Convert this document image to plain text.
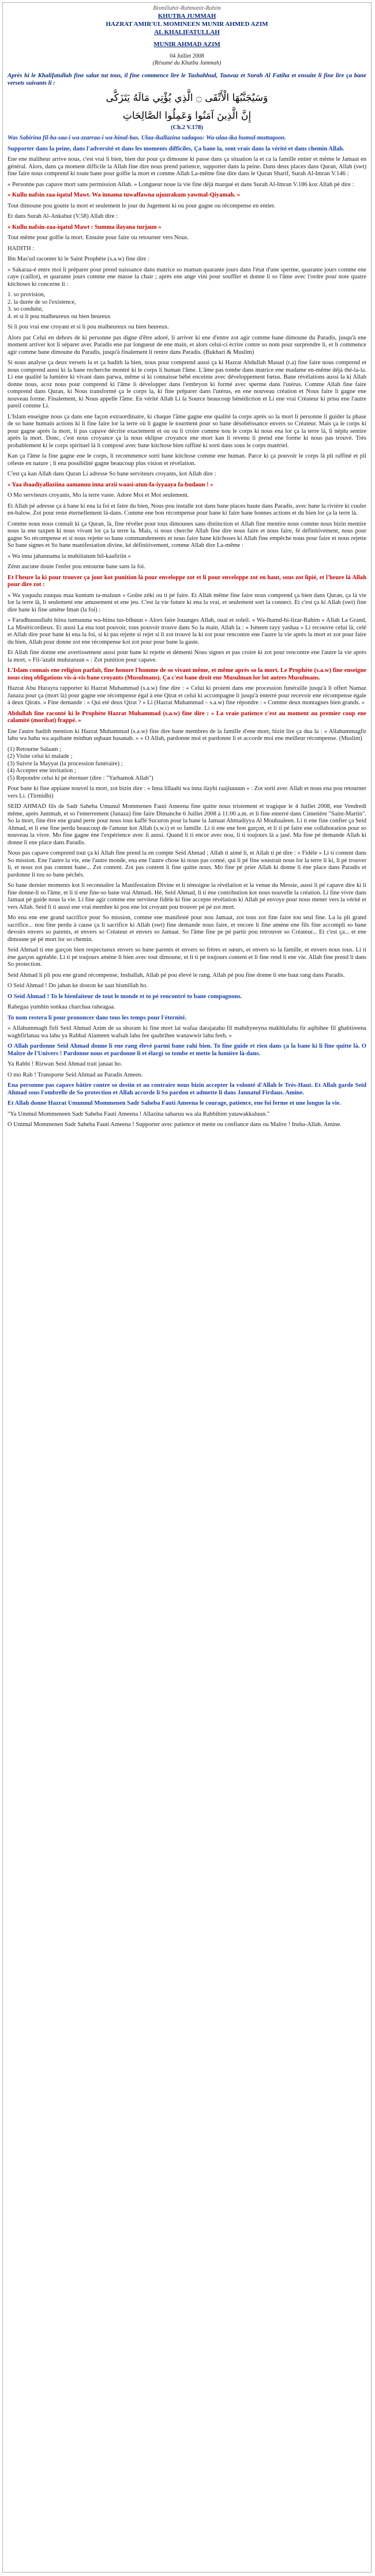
Bismillahir-Rahmanir-Rahim
KHUTBA JUMMAH
HAZRAT AMIR'UL MOMINEEN MUNIR AHMED AZIM
AL KHALIFATULLAH
MUNIR AHMAD AZIM
04 Juillet 2008
(Résumé du Khutba Jummah)

Après hi le Khalifatullah fine salue tut tous, il fine commence lire le Tashahhud, Taawaz et Surah Al Fatiha et ensuite li fine lire ça bane versets suivants li :

وَسَيُجَنَّبُهَا الْأَتْقَى ۝ الَّذِي يُؤْتِي مَالَهُ يَتَزَكَّى
إِنَّ الَّذِينَ آمَنُوا وَعَمِلُوا الصَّالِحَاتِ
(Ch.2 V.178)

Was Sabirina fil-ba-saa-i wa-zzarraa-i wa-hinal-bas. Ulaa-ikallazina sadaqoo: Wa-ulaa-ika humul-muttaqoon.

Supporter dans la peine, dans l'adversité et dans les moments difficiles, Ça bane la, sont vrais dans la vérité et dans chemin Allah.

Ene ene maliheur arrive nous, c'est vrai li bien, bien dur pour ça dimoune ki passe dans ça situation la et ca la famille entier et même le Jamaat en général. Alors, dans ça moment difficile la Allah fine dire nous prend patience, supporter dans la peine. Dans deux places dans Quran, Allah (swt) fine faire nous comprend ki toute bane pour golfie la mort et comme Allah La-même fine dire dans le Quran Sharif, Surah Al-Imran V.146 :

« Personne pas capave mort sans permission Allah. » Longueur noue la vie fine déjà marqué et dans Surah Al-Imran V.186 koz Allah pé dire :

« Kullu nafsin zaa-iqatul Mawt. Wa innama tuwaffawna ujuurakum yawmal-Qiyamah. »

Tout dimoune pou goutte la mort et seulement le jour du Jugement ki ou pour gagne ou récompense en entier.

Et dans Surah Al-Ankabut (V.58) Allah dire :

« Kullu nafsin-zaa-iqatul Mawt : Summa ilayana turjaun »

Tout même pour golfie la mort. Ensuite pour faire ou retourner vers Nous.

HADITH :

Ibn Mas'ud raconter ki le Saint Prophète (s.a.w) fine dire :

« Sakaraa-é entre moi li préparer pour prend naissance dans matrice so maman quarante jours dans l'état d'une sperme, quarante jours comme ene caye (caillot), et quarante jours comme ene masse la chair ; après ene ange vini pour souffler et donne li so l'âme avec l'ordre pour note quatre kitchoses ki concerne li :

1. so provision,
2. la durée de so l'existence,
3. so conduite,
4. et si li pou malheureux ou bien heureux

Si li pou vrai ene croyant et si li pou malheureux ou bien heureux.

Alors par Celui en dehors de ki personne pas digne d'être adoré, li arriver ki ene d'entre zot agir comme bane dimoune du Paradis, jusqu'à ene moment arriver kot li séparer avec Paradis ene par longueur de ene main, et alors celui-ci écrire contre so nom pour surprendre li, et li commence agir comme bane dimoune du Paradis, jusqu'à finalement li rentre dans Paradis. (Bukhari & Muslim)

Si nous analyse ça deux versets la et ça hadith la bien, nous pour comprend aussi ça ki Hazrat Abdullah Masud (r.a) fine faire nous comprend et nous comprend aussi ki la bane recherche montré ki le corps li human l'âme. L'âme pas tombe dans matrice ene madame en-même déjà thé-la-la. Li ene qualité la lumière ki vivant dans parwa, même si ki connaisse bébé enceinte avec développement fœtus. Bane révélations aussi la ki Allah donne nous, acoz nous pour comprend ki l'âme li développer dans l'embryon ki formé avec sperme dans l'utérus. Comme Allah fine faire comprend dans Quran, ki Nous transformé ça le corps la, ki fine préparer dans l'utérus, en ene nouveau création et Nous faire li gagne ene nouveau forme. Finalement, ki Nous appelle l'âme. En vérité Allah Li la Source beaucoup bénédiction et Li ene vrai Créateur ki prisu ene l'autre pareil comme Li.

L'Islam enseigne nous ça dans ene façon extraordinaire, ki chaque l'âme gagne ene qualité la corps après so la mort li personne li guider la phase de so bane humain actions ki li fine faire lor la terre où li gagne le tourment pour so bane désobéissance envers so Créateur. Mais ça le corps ki pour gagne après la mort, li pas capave décrire exactement et ou ou li croire comme nou le corps ki nous ena lor ça la terre là, li néplu sentire après la mort. Donc, c'est nous croyance ça la nous eklipse croyance ene mort kan li revenu li prend ene forme ki nous pas trouvé. Très probablement ki le corps spirituel là li composé avec bane kitchose bien raffiné ki sorti dans sous le corps matériel.

Kan ça l'âme la fine gagne ene le corps, li recommence sorti bane kitchose comme ene human. Parce ki ça pouvoir le corps là pli raffiné et pli céleste en nature ; li ena possibilité gagne beaucoup plus vision et révélation.

C'est ça kan Allah dans Quran Li adresse So bane serviteurs croyants, kot Allah dire :

« Yaa ibaadiyallaziina aamanuu inna arzii waasi-atun-fa-iyyaaya fa-budaun ! »

O Mo serviteurs croyants, Mo la terre vaste. Adore Moi et Moi seulement.

Et Allah pé adresse ça à bane ki ena la foi et faire du bien, Nous pou installe zot dans bane places haute dans Paradis, avec bane la rivière ki couler en-balow. Zot pour reste éternellement là-dans. Comme ene bon récompense pour bane ki faire bane bonnes actions et du bien lor ça la terre là.

Comme nous nous connaît ki ça Quran, là, fine révéler pour tous dimounes sans distinction et Allah fine mentire nous comme nous bizin mentire nous la ene taxpen ki nous vivant lor ça la terre la. Mais, si nous cherche Allah fine dire nous faire et nous faire, fé définitivement, nous pour gagne So récompense et si nous rejette so bane commandements et nous faire bane kitchoses ki Allah fine empêche nous pour faire et nous rejette So bane signes et So bane manifestation divine, ké définitivement, comme Allah dire La-même :

« Wa inna jahannama la muhiiiatum bil-kaafiriin »

Zénn aucune doute l'enfer pou entourne bane sans la foi.

Et l'heure la ki pour trouver ça jour kot punition là pour enveloppe zot et li pour enveloppe zot en haut, sous zot lipié, et l'heure là Allah pour dire zot :

« Wa yaquulu zuuquu maa kuntum ta-maluun » Goûte zéki ou ti pé faire. Et Allah même fine faire nous comprend ça bien dans Quran, ça là vie lor la terre là, li seulement ene amusement et ene jeu. C'est la vie future ki ena la vrai, et seulement sort la connect. Et c'est ça ki Allah (swt) fine dire bane ki fine amène Iman (la foi) :

« Faradhuuuullahi hiina tumsuuna wa-hiina tus-bihuun » Alors faire louanges Allah, ouai et soleil. « Wa-lhamd-hi-lizar-Rahim » Allah La Grand, La Miséricordieux. Et aussi La ena tout pouvoir, tous pouvoir trouve dans So la main. Allah la : « Ismeen rayy yashaa » Li recouvre celui là, celé et Allah dire pour bane ki ena la foi, si ki pas rejette si rejet si li zot trouvé la ki zot pour rencontre ene l'autre la vie après la mort et zot pour faire du bien, Allah pour donne zot ene récompense koi zot pour pour bane la gaste.

Et Allah fine donne ene avertissement aussi pour bane ki rejette et démenti Nous signes et pas croire ki zot pour rencontre ene l'autre la vie après la mort, « Fil-'azabi muhzaruun » : Zot punition pour capave.

L'Islam connais ene religion parfait, fine honore l'homme de so vivant même, et même après so la mort. Le Prophète (s.a.w) fine enseigne nous cinq obligations vis-à-vis bane croyants (Musulmans). Ça c'est bane droit ene Musulman lor lot autres Musulmans.

Hazrat Abu Hurayra rapporter ki Hazrat Muhammad (s.a.w) fine dire : « Celui ki proient dans ene procession funéraille jusqu'à li offert Namaz Janaza pour ça (mort là) pour gagne ene récompense égal à ene Qirat et celui ki accompagne li jusqu'à enterré pour recevoir ene récompense égale à deux Qirats. » Fine demande : « Qui eté deux Qirat ? » Li (Hazrat Muhammad – s.a.w) fine répondre : « Comme deux montagnes bien grands. »

Abdullah fine raconté ki le Prophète Hazrat Muhammad (s.a.w) fine dire : « La vraie patience c'est au moment au premier coup ene calamité (moribat) frappé. »

Ene l'autre hadith mention ki Hazrat Muhammad (s.a.w) fine dire bane membres de la famille d'ene mort, bizin lire ça dua la : « Allahummagfir lahu wa hahu wa aqaibane minhun uqbaan hasanah. » « O Allah, pardonne moi et pardonne li et accorde moi ene meilleur récompense. (Muslim)

(1) Retourne Salaam ;
(2) Visite celui ki malade ;
(3) Suivre la Mayyat (la procession funéraire) ;
(4) Accepter ene invitation ;
(5) Repondre celui ki pé éternuer (dire : "Yarhamok Allah")

Pour bane ki fine appiane nouvel la mort, zot bizin dire : « Inna lillaahi wa inna ilayhi raajiuuuun » : Zot sorti avec Allah et nous ena pou retourner vers Li. (Tirmidhi)

SEID AHMAD fils de Sadr Saheba Umunul Mommenen Fauti Ameena fine quitte nous tristement et tragique le 4 Juillet 2008, ene Vendredi même, après Jummah, et so l'enterrement (Janaza) fine faire Dimanche 6 Juillet 2008 à 11:00 a.m. et li fine enterré dans Cimetière "Saint-Martin". So la mort, fine être ene grand perte pour nous tous kaffé Sucuron pour la bane la Jamaat Ahmadiyya Al Moubaaleen. Li ti ene fine confier ça Seid Ahmad, et li ene fine perdu beaucoup de l'amour kot Allah (s.w.t) et so famille. Li ti ene ene bon garçon, et li ti pé faire ene collaboration pour so nouveau la vivre. Mo fine gagne ène l'expérience avec li aussi. Quand li ti encor avec nou, li ti toujours là a jasé. Ma fine pé demande Allah ki donne li ene place dans Paradis.

Nous pas capave comprend tout ça ki Allah fine prend la en compte Seid Ahmad ; Allah ti aimé li, et Allah ti pé dire : « Fidèle » Li ti content dans So mission. Ene l'autre la vie, ene l'autre monde, ena ene l'autre chose ki nous pas conné, qui li pé fine soustrait nous lor la terre li ki, li pé trouver li, et nous zot pas content bane... Zot content. Zot pas content li fine quitte nous. Mo fine pé prier Allah ki donne li ène place dans Paradis et pardonne li tou so bane péchés.

So bane dernier moments kot li reconnaître la Manifestation Divine et li témoigne la révélation et la venue du Messie, aussi li pé capave dire ki li fine donne-li so l'âme, et li ti ene fine-so bane vrai Ahmadi. Hé, Seid Ahmad, li ti ène contribution kot nous nouvelle la création. Li fine vivre dans Jamaat pé guide nous la vie. Li fine agir comme ene serviteur fidèle ki fine accepte révélation ki Allah pé envoye pour nous mener vers la vérité et vers Allah. Seid li ti aussi ene vrai membre ki pou ene lot croyant pou trouver pé pé zot mort.

Mo ena ene ene grand sacrifice pour So mission, comme ene manifesté pour nou Jamaat, zot tous zot fine faire tou seul fine. La la pli grand sacrifice... nou fine perdu à cause ça li sacrifice ki Allah (swt) fine demande nous faire, et encore li fine amène ene fils fine accompli so bane devoirs envers so parents, et envers so Créateur et envers so Jamaat. So l'âme fine pe pé partir pou retrouver so Créateur... Et c'est ça... et ene dimoune pé pé mort lor so chemin.

Seid Ahmad ti ene garçon bien respectueux envers so bane parents et envers so frères et sœurs, et envers so la famille, et envers nous tous. Li ti ène garçon agréable. Li ti pé toujours amène li bien avec tout dimoune, et li ti pé toujours content et li fine rend li ene vie. Allah fine prend li dans So protection.

Seid Ahmad li pli pou ene grand récompense, Inshallah, Allah pé pou élevé le rang. Allah pé pou fine donne li ene haut rang dans Paradis.

O Seid Ahmad ! Do jahan ke doston ke saat bismillah ho.

O Seid Ahmad ! To le bienfaiteur de tout le monde et to pé rencontré to bane compagnons.

Rahegaa yumhin sonkaa charchaa raheagaa.

To nom restera li pour prononcer dans tous les temps pour l'éternité.

« Allahummagh firli Seid Ahmad Azim de sa shoram ki fine mort lai wafaa darajatahu fil mahdiyeeyna makhlufahu fir aqibihee fil ghabiireena waghfirlanaa wa lahu ya Rabbal Alameen wafsah lahu fee qaabrihee wanawwir lahu feeh. »

O Allah pardonne Seid Ahmad donne li ene rang élevé parmi bane rahi bien. To fine guide et rien dans ça la bane ki li fine quitte là. O Maître de l'Univers ! Pardonne nous et pardonne li et élargi so tombe et mette la lumière là-dans.

Ya Rabbi ! Rizwan Seid Ahmad trait janaat ho.

O mo Rab ! Transporte Seid Ahmad au Paradis Ameen.

Ena personne pas capave bâtire contre so destin et au contraire nous bizin accepter la volonté d'Allah le Très-Haut. Et Allah garde Seid Ahmad sous l'ombrelle de So protection et Allah accorde li So pardon et admette li dans Jannatul Firdaus. Amine.

Et Allah donne Hazrat Umunnul Mommenen Sadr Saheba Fauti Ameena le courage, patience, ene foi ferme et une longue la vie.

"Ya Ummul Mommeneen Sadr Saheba Fauti Ameena ! Allazina sabaruu wa ala Rabbihim yatawakkaluun."

O Ummul Mommenen Sadr Saheba Fauti Ameena ! Supporter avec patience et mette ou confiance dans ou Maître ! Insha-Allah. Amine.
